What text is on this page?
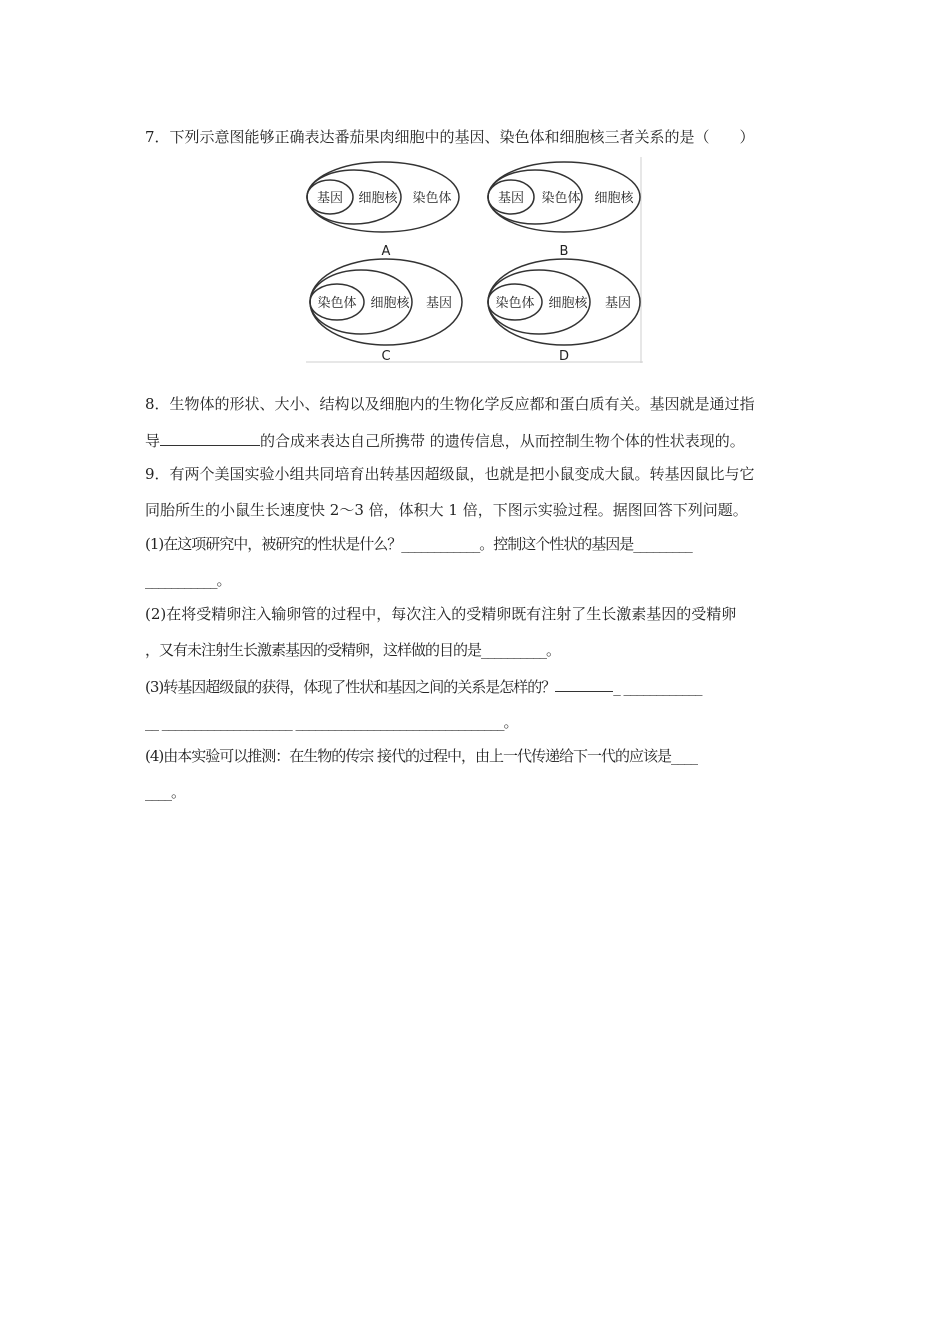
7．下列示意图能够正确表达番茄果肉细胞中的基因、染色体和细胞核三者关系的是（　　）
基因 细胞核 染色体
A
基因 染色体 细胞核
B
染色体 细胞核 基因
C
染色体 细胞核 基因
D
8．生物体的形状、大小、结构以及细胞内的生物化学反应都和蛋白质有关。基因就是通过指
导	的合成来表达自己所携带 的遗传信息，从而控制生物个体的性状表现的。
9．有两个美国实验小组共同培育出转基因超级鼠，也就是把小鼠变成大鼠。转基因鼠比与它
同胎所生的小鼠生长速度快 2～3 倍，体积大 1 倍，下图示实验过程。据图回答下列问题。
(1)在这项研究中，被研究的性状是什么？____________。控制这个性状的基因是_________
___________。
(2)在将受精卵注入输卵管的过程中，每次注入的受精卵既有注射了生长激素基因的受精卵
，又有未注射生长激素基因的受精卵，这样做的目的是__________。
(3)转基因超级鼠的获得，体现了性状和基因之间的关系是怎样的？	_ ____________
__ ____________________ ________________________________。
(4)由本实验可以推测：在生物的传宗 接代的过程中，由上一代传递给下一代的应该是____
____。
